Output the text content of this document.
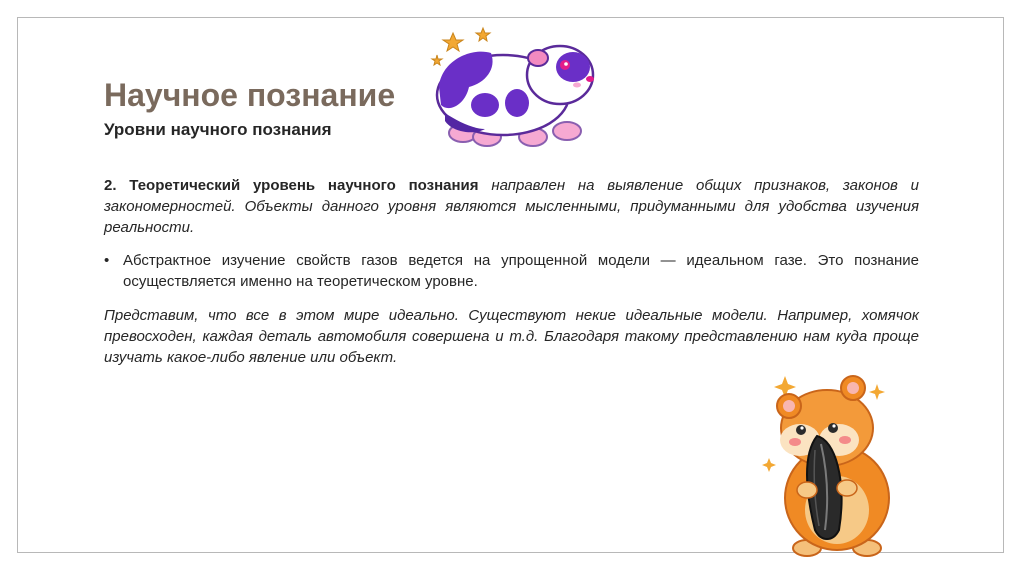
Научное познание
Уровни научного познания

2. Теоретический уровень научного познания направлен на выявление общих признаков, законов и закономерностей. Объекты данного уровня являются мысленными, придуманными для удобства изучения реальности.

• Абстрактное изучение свойств газов ведется на упрощенной модели — идеальном газе. Это познание осуществляется именно на теоретическом уровне.

Представим, что все в этом мире идеально. Существуют некие идеальные модели. Например, хомячок превосходен, каждая деталь автомобиля совершена и т.д. Благодаря такому представлению нам куда проще изучать какое-либо явление или объект.
